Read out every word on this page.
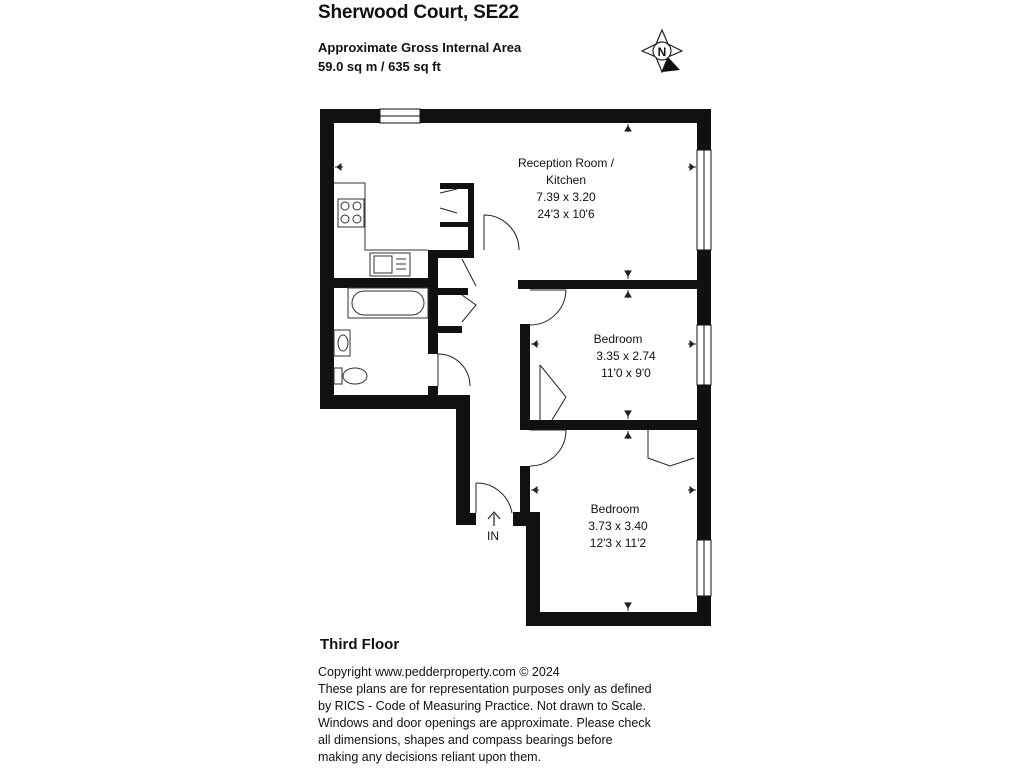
Sherwood Court, SE22
Approximate Gross Internal Area
59.0 sq m / 635 sq ft
N
IN
Reception Room /
Kitchen
7.39 x 3.20
24'3 x 10'6
Bedroom
3.35 x 2.74
11'0 x 9'0
Bedroom
3.73 x 3.40
12'3 x 11'2
Third Floor
Copyright www.pedderproperty.com © 2024
These plans are for representation purposes only as defined
by RICS - Code of Measuring Practice. Not drawn to Scale.
Windows and door openings are approximate. Please check
all dimensions, shapes and compass bearings before
making any decisions reliant upon them.
